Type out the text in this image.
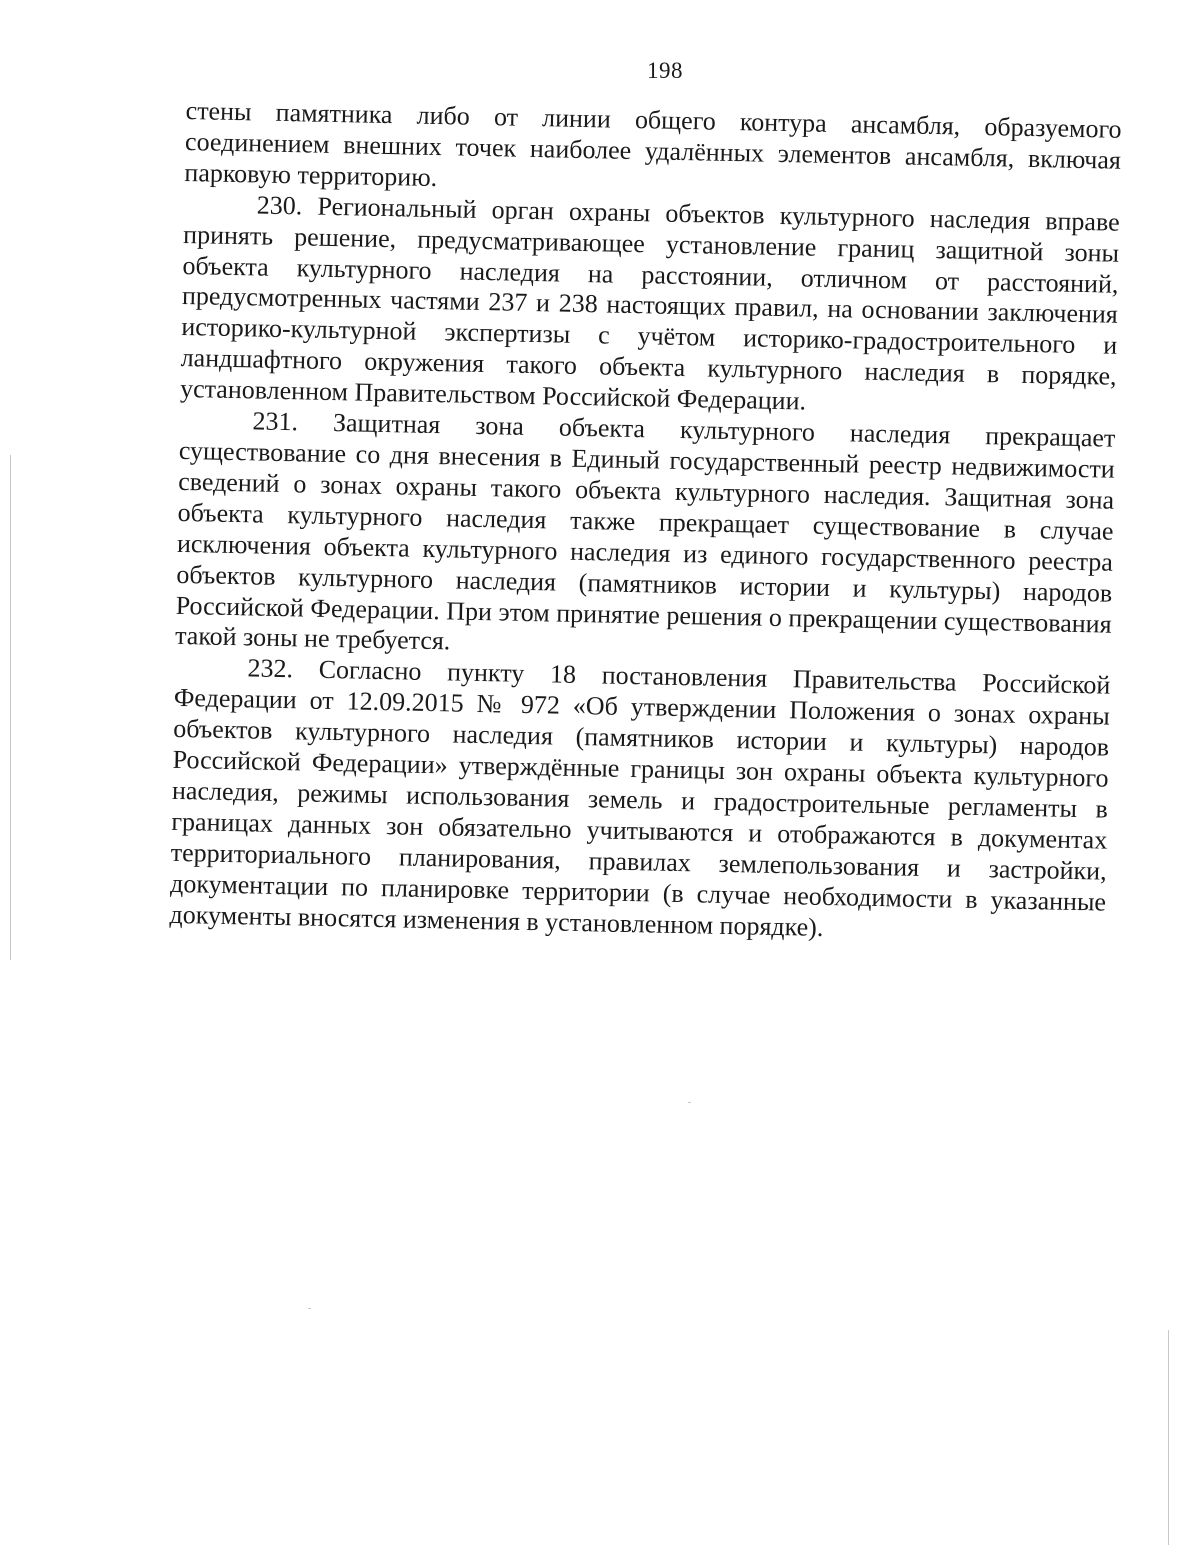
198

стены памятника либо от линии общего контура ансамбля, образуемого соединением внешних точек наиболее удалённых элементов ансамбля, включая парковую территорию.

230. Региональный орган охраны объектов культурного наследия вправе принять решение, предусматривающее установление границ защитной зоны объекта культурного наследия на расстоянии, отличном от расстояний, предусмотренных частями 237 и 238 настоящих правил, на основании заключения историко-культурной экспертизы с учётом историко-градостроительного и ландшафтного окружения такого объекта культурного наследия в порядке, установленном Правительством Российской Федерации.

231. Защитная зона объекта культурного наследия прекращает существование со дня внесения в Единый государственный реестр недвижимости сведений о зонах охраны такого объекта культурного наследия. Защитная зона объекта культурного наследия также прекращает существование в случае исключения объекта культурного наследия из единого государственного реестра объектов культурного наследия (памятников истории и культуры) народов Российской Федерации. При этом принятие решения о прекращении существования такой зоны не требуется.

232. Согласно пункту 18 постановления Правительства Российской Федерации от 12.09.2015 № 972 «Об утверждении Положения о зонах охраны объектов культурного наследия (памятников истории и культуры) народов Российской Федерации» утверждённые границы зон охраны объекта культурного наследия, режимы использования земель и градостроительные регламенты в границах данных зон обязательно учитываются и отображаются в документах территориального планирования, правилах землепользования и застройки, документации по планировке территории (в случае необходимости в указанные документы вносятся изменения в установленном порядке).
